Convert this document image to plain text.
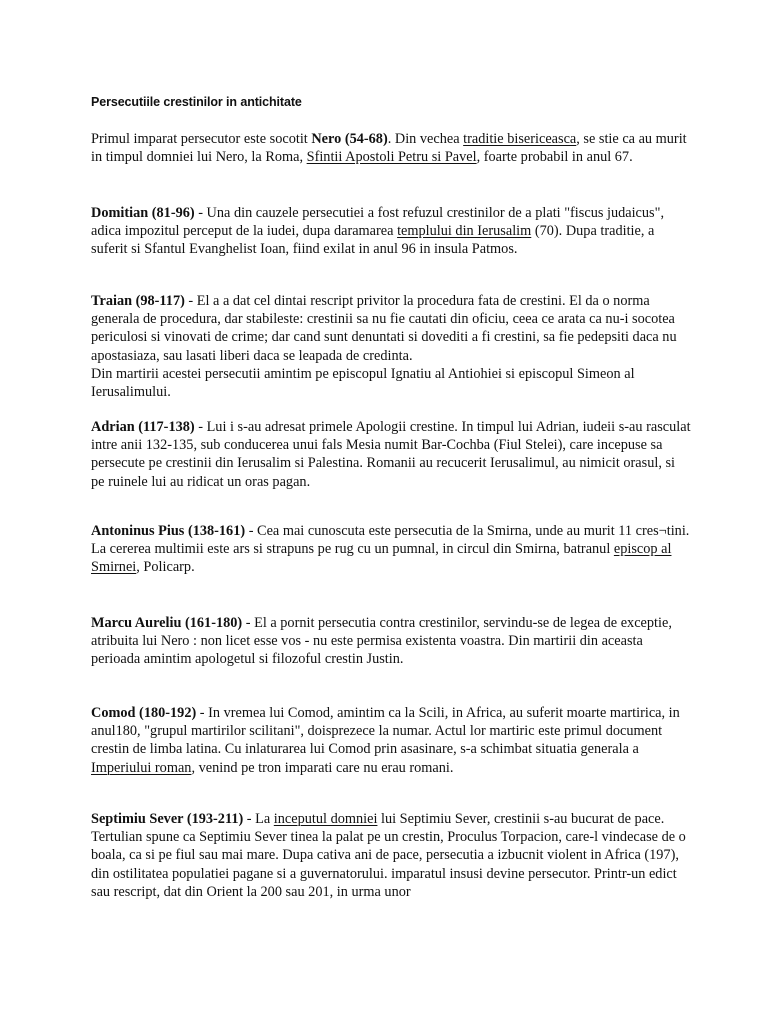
Persecutiile crestinilor in antichitate

Primul imparat persecutor este socotit Nero (54-68). Din vechea traditie bisericeasca, se stie ca au murit in timpul domniei lui Nero, la Roma, Sfintii Apostoli Petru si Pavel, foarte probabil in anul 67.

Domitian (81-96) - Una din cauzele persecutiei a fost refuzul crestinilor de a plati "fiscus judaicus", adica impozitul perceput de la iudei, dupa daramarea templului din Ierusalim (70). Dupa traditie, a suferit si Sfantul Evanghelist Ioan, fiind exilat in anul 96 in insula Patmos.

Traian (98-117) - El a a dat cel dintai rescript privitor la procedura fata de crestini. El da o norma generala de procedura, dar stabileste: crestinii sa nu fie cautati din oficiu, ceea ce arata ca nu-i socotea periculosi si vinovati de crime; dar cand sunt denuntati si dovediti a fi crestini, sa fie pedepsiti daca nu apostasiaza, sau lasati liberi daca se leapada de credinta.
Din martirii acestei persecutii amintim pe episcopul Ignatiu al Antiohiei si episcopul Simeon al Ierusalimului.

Adrian (117-138) - Lui i s-au adresat primele Apologii crestine. In timpul lui Adrian, iudeii s-au rasculat intre anii 132-135, sub conducerea unui fals Mesia numit Bar-Cochba (Fiul Stelei), care incepuse sa persecute pe crestinii din Ierusalim si Palestina. Romanii au recucerit Ierusalimul, au nimicit orasul, si pe ruinele lui au ridicat un oras pagan.

Antoninus Pius (138-161) - Cea mai cunoscuta este persecutia de la Smirna, unde au murit 11 cres¬tini. La cererea multimii este ars si strapuns pe rug cu un pumnal, in circul din Smirna, batranul episcop al Smirnei, Policarp.

Marcu Aureliu (161-180) - El a pornit persecutia contra crestinilor, servindu-se de legea de exceptie, atribuita lui Nero : non licet esse vos - nu este permisa existenta voastra. Din martirii din aceasta perioada amintim apologetul si filozoful crestin Justin.

Comod (180-192) - In vremea lui Comod, amintim ca la Scili, in Africa, au suferit moarte martirica, in anul180, "grupul martirilor scilitani", doisprezece la numar. Actul lor martiric este primul document crestin de limba latina. Cu inlaturarea lui Comod prin asasinare, s-a schimbat situatia generala a Imperiului roman, venind pe tron imparati care nu erau romani.

Septimiu Sever (193-211) - La inceputul domniei lui Septimiu Sever, crestinii s-au bucurat de pace. Tertulian spune ca Septimiu Sever tinea la palat pe un crestin, Proculus Torpacion, care-l vindecase de o boala, ca si pe fiul sau mai mare. Dupa cativa ani de pace, persecutia a izbucnit violent in Africa (197), din ostilitatea populatiei pagane si a guvernatorului. imparatul insusi devine persecutor. Printr-un edict sau rescript, dat din Orient la 200 sau 201, in urma unor
